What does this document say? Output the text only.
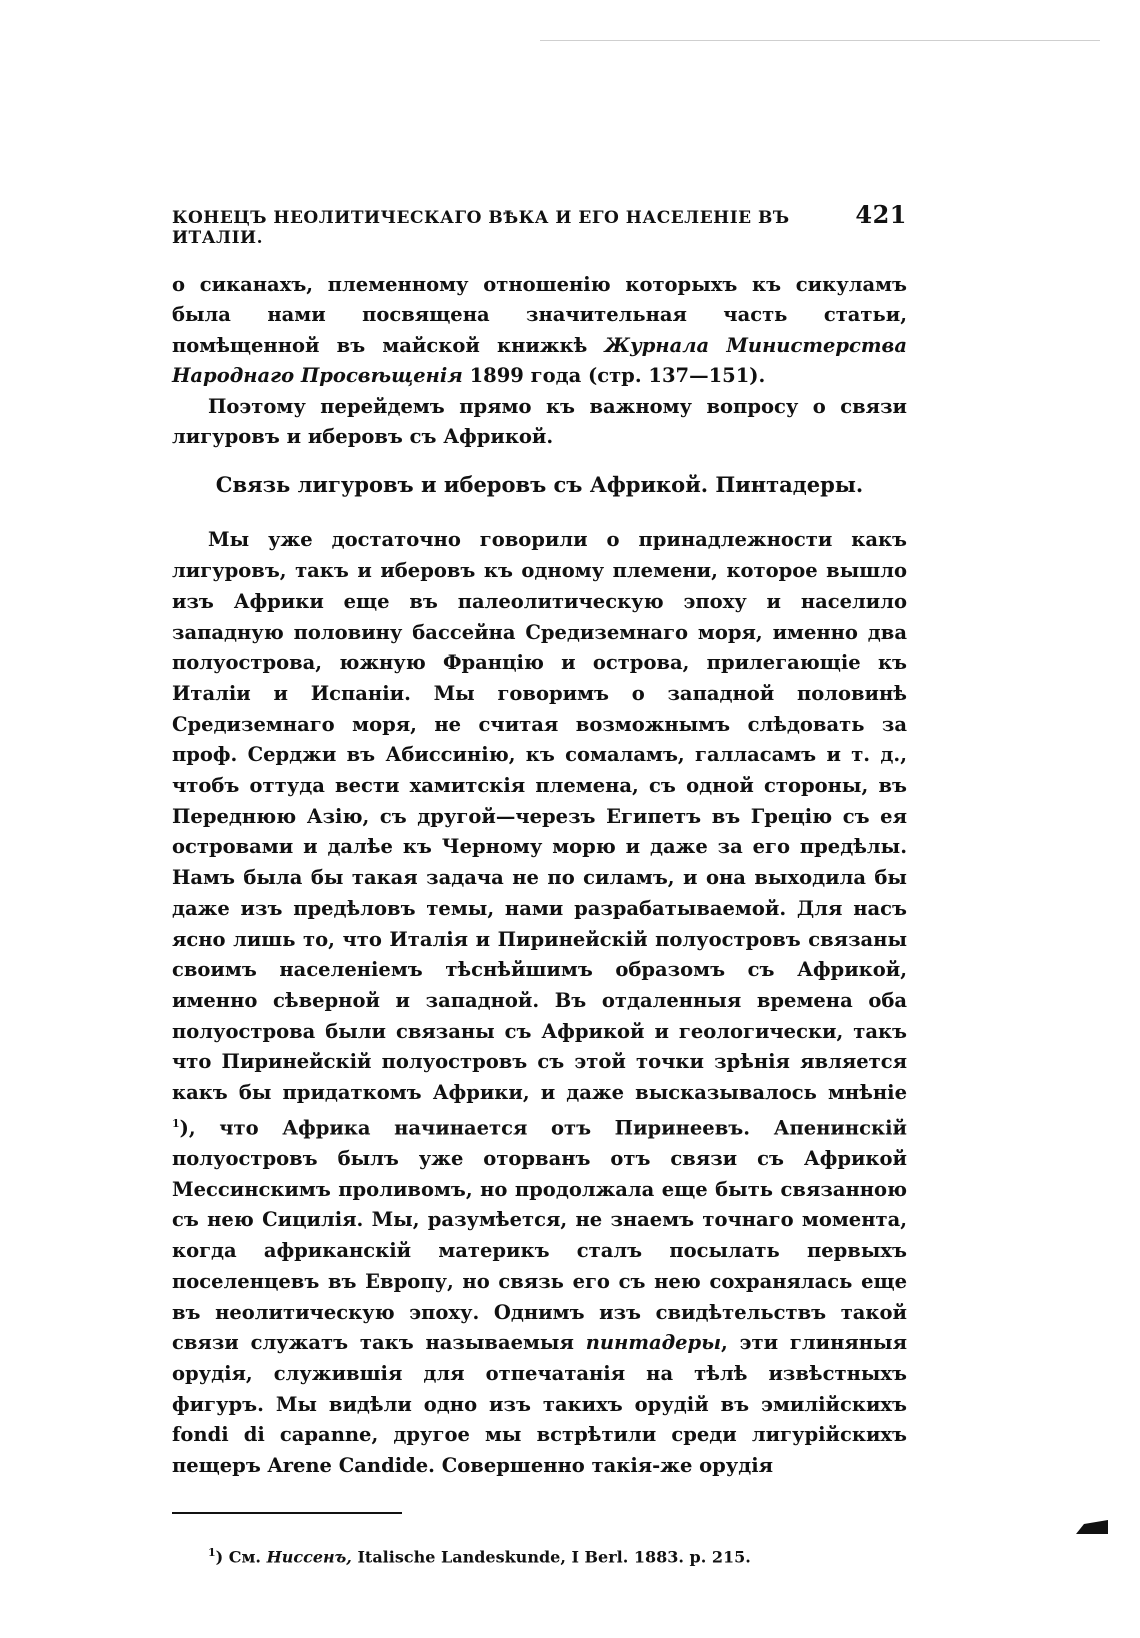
КОНЕЦЪ НЕОЛИТИЧЕСКАГО ВѢКА И ЕГО НАСЕЛЕНІЕ ВЪ ИТАЛІИ.
421

о сиканахъ, племенному отношенію которыхъ къ сикуламъ была нами посвящена значительная часть статьи, помѣщенной въ майской книжкѣ Журнала Министерства Народнаго Просвѣщенія 1899 года (стр. 137—151).

Поэтому перейдемъ прямо къ важному вопросу о связи лигуровъ и иберовъ съ Африкой.

Связь лигуровъ и иберовъ съ Африкой. Пинтадеры.

Мы уже достаточно говорили о принадлежности какъ лигуровъ, такъ и иберовъ къ одному племени, которое вышло изъ Африки еще въ палеолитическую эпоху и населило западную половину бассейна Средиземнаго моря, именно два полуострова, южную Францію и острова, прилегающіе къ Италіи и Испаніи. Мы говоримъ о западной половинѣ Средиземнаго моря, не считая возможнымъ слѣдовать за проф. Серджи въ Абиссинію, къ сомаламъ, галласамъ и т. д., чтобъ оттуда вести хамитскія племена, съ одной стороны, въ Переднюю Азію, съ другой—черезъ Египетъ въ Грецію съ ея островами и далѣе къ Черному морю и даже за его предѣлы. Намъ была бы такая задача не по силамъ, и она выходила бы даже изъ предѣловъ темы, нами разрабатываемой. Для насъ ясно лишь то, что Италія и Пиринейскій полуостровъ связаны своимъ населеніемъ тѣснѣйшимъ образомъ съ Африкой, именно сѣверной и западной. Въ отдаленныя времена оба полуострова были связаны съ Африкой и геологически, такъ что Пиринейскій полуостровъ съ этой точки зрѣнія является какъ бы придаткомъ Африки, и даже высказывалось мнѣніе $^1$), что Африка начинается отъ Пиринеевъ. Апенинскій полуостровъ былъ уже оторванъ отъ связи съ Африкой Мессинскимъ проливомъ, но продолжала еще быть связанною съ нею Сицилія. Мы, разумѣется, не знаемъ точнаго момента, когда африканскій материкъ сталъ посылать первыхъ поселенцевъ въ Европу, но связь его съ нею сохранялась еще въ неолитическую эпоху. Однимъ изъ свидѣтельствъ такой связи служатъ такъ называемыя пинтадеры, эти глиняныя орудія, служившія для отпечатанія на тѣлѣ извѣстныхъ фигуръ. Мы видѣли одно изъ такихъ орудій въ эмилійскихъ fondi di capanne, другое мы встрѣтили среди лигурійскихъ пещеръ Arene Candide. Совершенно такія-же орудія

$^1$) См. Ниссенъ, Italische Landeskunde, I Berl. 1883. p. 215.
